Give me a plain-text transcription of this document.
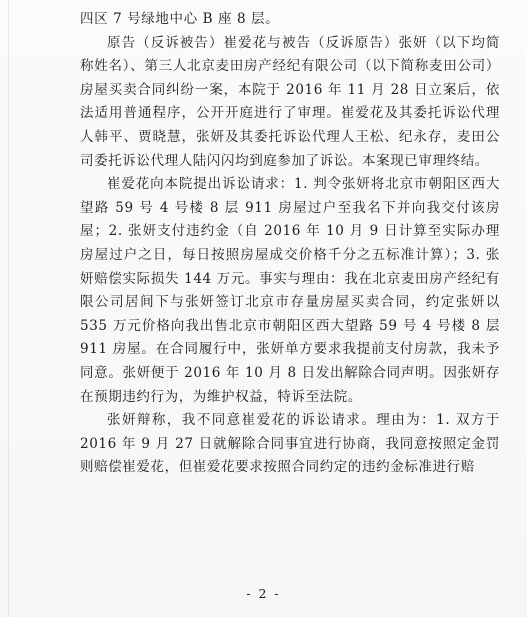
四区 7 号绿地中心 B 座 8 层。

原告（反诉被告）崔爱花与被告（反诉原告）张妍（以下均简称姓名）、第三人北京麦田房产经纪有限公司（以下简称麦田公司）房屋买卖合同纠纷一案，本院于 2016 年 11 月 28 日立案后，依法适用普通程序，公开开庭进行了审理。崔爱花及其委托诉讼代理人韩平、贾晓慧，张妍及其委托诉讼代理人王松、纪永存，麦田公司委托诉讼代理人陆闪闪均到庭参加了诉讼。本案现已审理终结。

崔爱花向本院提出诉讼请求：1. 判令张妍将北京市朝阳区西大望路 59 号 4 号楼 8 层 911 房屋过户至我名下并向我交付该房屋；2. 张妍支付违约金（自 2016 年 10 月 9 日计算至实际办理房屋过户之日，每日按照房屋成交价格千分之五标准计算）；3. 张妍赔偿实际损失 144 万元。事实与理由：我在北京麦田房产经纪有限公司居间下与张妍签订北京市存量房屋买卖合同，约定张妍以 535 万元价格向我出售北京市朝阳区西大望路 59 号 4 号楼 8 层 911 房屋。在合同履行中，张妍单方要求我提前支付房款，我未予同意。张妍便于 2016 年 10 月 8 日发出解除合同声明。因张妍存在预期违约行为，为维护权益，特诉至法院。

张妍辩称，我不同意崔爱花的诉讼请求。理由为：1. 双方于 2016 年 9 月 27 日就解除合同事宜进行协商，我同意按照定金罚则赔偿崔爱花，但崔爱花要求按照合同约定的违约金标准进行赔

- 2 -
